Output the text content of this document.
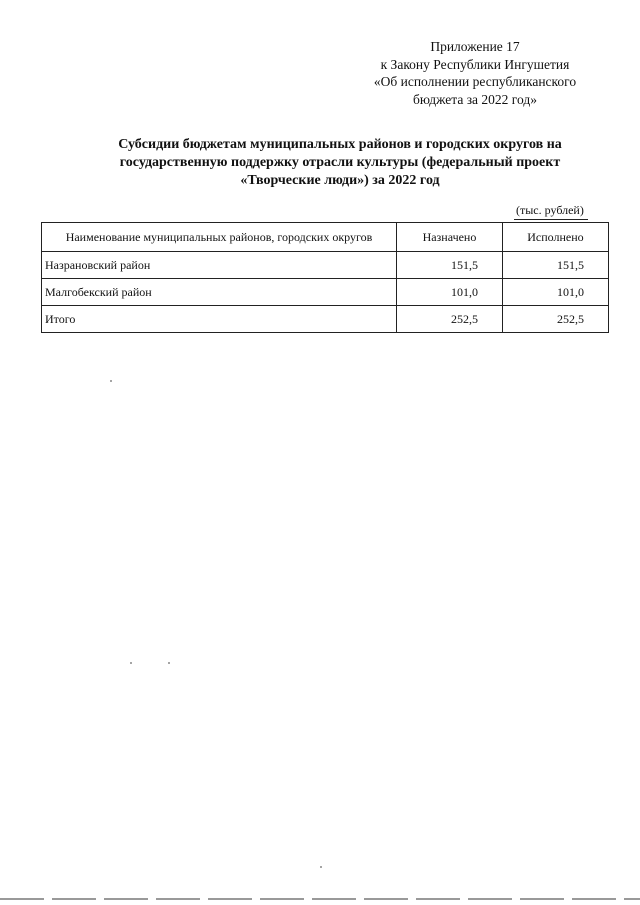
Приложение 17
к Закону Республики Ингушетия
«Об исполнении республиканского
бюджета за 2022 год»
Субсидии бюджетам муниципальных районов и городских округов на
государственную поддержку отрасли культуры (федеральный проект
«Творческие люди») за 2022 год
(тыс. рублей)
Наименование муниципальных районов, городских округов	Назначено	Исполнено
Назрановский район	151,5	151,5
Малгобекский район	101,0	101,0
Итого	252,5	252,5
